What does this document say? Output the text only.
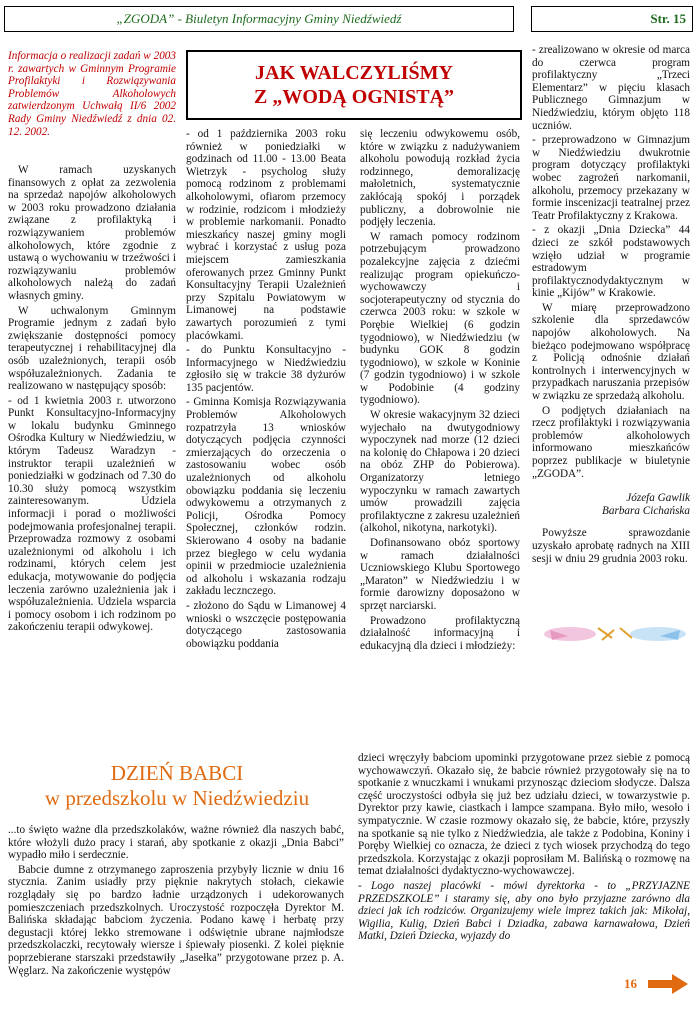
„ZGODA” - Biuletyn Informacyjny Gminy Niedźwiedź	Str. 15
Informacja o realizacji zadań w 2003 r. zawartych w Gminnym Programie Profilaktyki i Rozwiązywania Problemów Alkoholowych zatwierdzonym Uchwałą II/6 2002 Rady Gminy Niedźwiedź z dnia 02. 12. 2002.
JAK WALCZYLIŚMY
Z „WODĄ OGNISTĄ”

W ramach uzyskanych finansowych z opłat za zezwolenia na sprzedaż napojów alkoholowych w 2003 roku prowadzono działania związane z profilaktyką i rozwiązywaniem problemów alkoholowych, które zgodnie z ustawą o wychowaniu w trzeźwości i rozwiązywaniu problemów alkoholowych należą do zadań własnych gminy.

W uchwalonym Gminnym Programie jednym z zadań było zwiększanie dostępności pomocy terapeutycznej i rehabilitacyjnej dla osób uzależnionych, terapii osób współuzależnionych. Zadania te realizowano w następujący sposób:

- od 1 kwietnia 2003 r. utworzono Punkt Konsultacyjno-Informacyjny w lokalu budynku Gminnego Ośrodka Kultury w Niedźwiedziu, w którym Tadeusz Waradzyn - instruktor terapii uzależnień w poniedziałki w godzinach od 7.30 do 10.30 służy pomocą wszystkim zainteresowanym. Udziela informacji i porad o możliwości podejmowania profesjonalnej terapii. Przeprowadza rozmowy z osobami uzależnionymi od alkoholu i ich rodzinami, których celem jest edukacja, motywowanie do podjęcia leczenia zarówno uzależnienia jak i współuzależnienia. Udziela wsparcia i pomocy osobom i ich rodzinom po zakończeniu terapii odwykowej.

- od 1 października 2003 roku również w poniedziałki w godzinach od 11.00 - 13.00 Beata Wietrzyk - psycholog służy pomocą rodzinom z problemami alkoholowymi, ofiarom przemocy w rodzinie, rodzicom i młodzieży w problemie narkomanii. Ponadto mieszkańcy naszej gminy mogli wybrać i korzystać z usług poza miejscem zamieszkania oferowanych przez Gminny Punkt Konsultacyjny Terapii Uzależnień przy Szpitalu Powiatowym w Limanowej na podstawie zawartych porozumień z tymi placówkami.

- do Punktu Konsultacyjno - Informacyjnego w Niedźwiedziu zgłosiło się w trakcie 38 dyżurów 135 pacjentów.

- Gminna Komisja Rozwiązywania Problemów Alkoholowych rozpatrzyła 13 wniosków dotyczących podjęcia czynności zmierzających do orzeczenia o zastosowaniu wobec osób uzależnionych od alkoholu obowiązku poddania się leczeniu odwykowemu a otrzymanych z Policji, Ośrodka Pomocy Społecznej, członków rodzin. Skierowano 4 osoby na badanie przez biegłego w celu wydania opinii w przedmiocie uzależnienia od alkoholu i wskazania rodzaju zakładu lecznczego.

- złożono do Sądu w Limanowej 4 wnioski o wszczęcie postępowania dotyczącego zastosowania obowiązku poddania

się leczeniu odwykowemu osób, które w związku z nadużywaniem alkoholu powodują rozkład życia rodzinnego, demoralizację małoletnich, systematycznie zakłócają spokój i porządek publiczny, a dobrowolnie nie podjęły leczenia.

W ramach pomocy rodzinom potrzebującym prowadzono pozalekcyjne zajęcia z dziećmi realizując program opiekuńczo-wychowawczy i socjoterapeutyczny od stycznia do czerwca 2003 roku: w szkole w Porębie Wielkiej (6 godzin tygodniowo), w Niedźwiedziu (w budynku GOK 8 godzin tygodniowo), w szkole w Koninie (7 godzin tygodniowo) i w szkole w Podobinie (4 godziny tygodniowo).

W okresie wakacyjnym 32 dzieci wyjechało na dwutygodniowy wypoczynek nad morze (12 dzieci na kolonię do Chłapowa i 20 dzieci na obóz ZHP do Pobierowa). Organizatorzy letniego wypoczynku w ramach zawartych umów prowadzili zajęcia profilaktyczne z zakresu uzależnień (alkohol, nikotyna, narkotyki).

Dofinansowano obóz sportowy w ramach działalności Uczniowskiego Klubu Sportowego „Maraton” w Niedźwiedziu i w formie darowizny doposażono w sprzęt narciarski.

Prowadzono profilaktyczną działalność informacyjną i edukacyjną dla dzieci i młodzieży:

- zrealizowano w okresie od marca do czerwca program profilaktyczny „Trzeci Elementarz” w pięciu klasach Publicznego Gimnazjum w Niedźwiedziu, którym objęto 118 uczniów.

- przeprowadzono w Gimnazjum w Niedźwiedziu dwukrotnie program dotyczący profilaktyki wobec zagrożeń narkomanii, alkoholu, przemocy przekazany w formie inscenizacji teatralnej przez Teatr Profilaktyczny z Krakowa.

- z okazji „Dnia Dziecka” 44 dzieci ze szkół podstawowych wzięło udział w programie estradowym profilaktycznodydaktycznym w kinie „Kijów” w Krakowie.

W miarę przeprowadzono szkolenie dla sprzedawców napojów alkoholowych. Na bieżąco podejmowano współpracę z Policją odnośnie działań kontrolnych i interwencyjnych w przypadkach naruszania przepisów w związku ze sprzedażą alkoholu.

O podjętych działaniach na rzecz profilaktyki i rozwiązywania problemów alkoholowych informowano mieszkańców poprzez publikacje w biuletynie „ZGODA”.

Józefa Gawlik
Barbara Cichańska

Powyższe sprawozdanie uzyskało aprobatę radnych na XIII sesji w dniu 29 grudnia 2003 roku.

DZIEŃ BABCI
w przedszkolu w Niedźwiedziu

...to święto ważne dla przedszkolaków, ważne również dla naszych babć, które włożyli dużo pracy i starań, aby spotkanie z okazji „Dnia Babci” wypadło miło i serdecznie.

Babcie dumne z otrzymanego zaproszenia przybyły licznie w dniu 16 stycznia. Zanim usiadły przy pięknie nakrytych stołach, ciekawie rozglądały się po bardzo ładnie urządzonych i udekorowanych pomieszczeniach przedszkolnych. Uroczystość rozpoczęła Dyrektor M. Balińska składając babciom życzenia. Podano kawę i herbatę przy degustacji której lekko stremowane i odświętnie ubrane najmłodsze przedszkolaczki, recytowały wiersze i śpiewały piosenki. Z kolei pięknie poprzebierane starszaki przedstawiły „Jasełka” przygotowane przez p. A. Węglarz. Na zakończenie występów

dzieci wręczyły babciom upominki przygotowane przez siebie z pomocą wychowawczyń. Okazało się, że babcie również przygotowały się na to spotkanie z wnuczkami i wnukami przynosząc dzieciom słodycze. Dalsza część uroczystości odbyła się już bez udziału dzieci, w towarzystwie p. Dyrektor przy kawie, ciastkach i lampce szampana. Było miło, wesoło i sympatycznie. W czasie rozmowy okazało się, że babcie, które, przyszły na spotkanie są nie tylko z Niedźwiedzia, ale także z Podobina, Koniny i Poręby Wielkiej co oznacza, że dzieci z tych wiosek przychodzą do tego przedszkola. Korzystając z okazji poprosiłam M. Balińską o rozmowę na temat działalności dydaktyczno-wychowawczej.

- Logo naszej placówki - mówi dyrektorka - to „PRZYJAZNE PRZEDSZKOLE” i staramy się, aby ono było przyjazne zarówno dla dzieci jak ich rodziców. Organizujemy wiele imprez takich jak: Mikołaj, Wigilia, Kulig, Dzień Babci i Dziadka, zabawa karnawałowa, Dzień Matki, Dzień Dziecka, wyjazdy do

16
